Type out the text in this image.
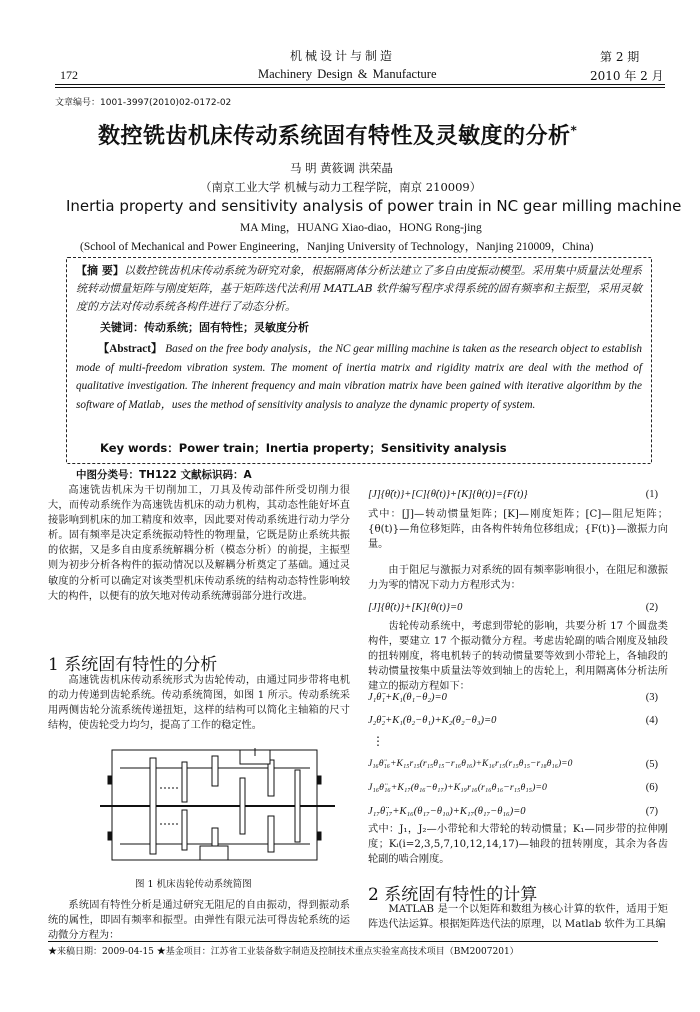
机械设计与制造
172	Machinery Design & Manufacture
第 2 期
2010 年 2 月
文章编号：1001-3997(2010)02-0172-02
数控铣齿机床传动系统固有特性及灵敏度的分析*
马 明 黄筱调 洪荣晶
（南京工业大学 机械与动力工程学院，南京 210009）
Inertia property and sensitivity analysis of power train in NC gear milling machine
MA Ming，HUANG Xiao-diao，HONG Rong-jing
(School of Mechanical and Power Engineering，Nanjing University of Technology，Nanjing 210009，China)
【摘 要】以数控铣齿机床传动系统为研究对象，根据隔离体分析法建立了多自由度振动模型。采用集中质量法处理系统转动惯量矩阵与刚度矩阵，基于矩阵迭代法利用 MATLAB 软件编写程序求得系统的固有频率和主振型，采用灵敏度的方法对传动系统各构件进行了动态分析。
关键词：传动系统；固有特性；灵敏度分析
【Abstract】 Based on the free body analysis，the NC gear milling machine is taken as the research object to establish mode of multi-freedom vibration system. The moment of inertia matrix and rigidity matrix are deal with the method of qualitative investigation. The inherent frequency and main vibration matrix have been gained with iterative algorithm by the software of Matlab，uses the method of sensitivity analysis to analyze the dynamic property of system.
Key words：Power train；Inertia property；Sensitivity analysis
中图分类号：TH122 文献标识码：A

高速铣齿机床为干切削加工，刀具及传动部件所受切削力很大，而传动系统作为高速铣齿机床的动力机构，其动态性能好坏直接影响到机床的加工精度和效率，因此要对传动系统进行动力学分析。固有频率是决定系统振动特性的物理量，它既是防止系统共振的依据，又是多自由度系统解耦分析（模态分析）的前提，主振型则为初步分析各构件的振动情况以及解耦分析奠定了基础。通过灵敏度的分析可以确定对该类型机床传动系统的结构动态特性影响较大的构件，以便有的放矢地对传动系统薄弱部分进行改进。

1 系统固有特性的分析

高速铣齿机床传动系统形式为齿轮传动，由通过同步带将电机的动力传递到齿轮系统。传动系统简图，如图 1 所示。传动系统采用两侧齿轮分流系统传递扭矩，这样的结构可以简化主轴箱的尺寸结构，使齿轮受力均匀，提高了工作的稳定性。

图 1 机床齿轮传动系统简图

系统固有特性分析是通过研究无阻尼的自由振动，得到振动系统的属性，即固有频率和振型。由弹性有限元法可得齿轮系统的运动微分方程为：

★来稿日期：2009-04-15 ★基金项目：江苏省工业装备数字制造及控制技术重点实验室高技术项目（BM2007201）
[J]{θ̈(t)}+[C]{θ̇(t)}+[K]{θ(t)}={F(t)}	(1)
式中：[J]—转动惯量矩阵；[K]—刚度矩阵；[C]—阻尼矩阵；{θ(t)}—角位移矩阵，由各构件转角位移组成；{F(t)}—激振力向量。

由于阻尼与激振力对系统的固有频率影响很小，在阻尼和激振力为零的情况下动力方程形式为：

[J]{θ̈(t)}+[K]{θ(t)}=0	(2)

齿轮传动系统中，考虑到带轮的影响，共要分析 17 个圆盘类构件，要建立 17 个振动微分方程。考虑齿轮副的啮合刚度及轴段的扭转刚度，将电机转子的转动惯量要等效到小带轮上，各轴段的转动惯量按集中质量法等效到轴上的齿轮上，利用隔离体分析法所建立的振动方程如下：

J₁θ̈₁+K₁(θ₁−θ₂)=0	(3)
J₂θ̈₂+K₁(θ₂−θ₁)+K₂(θ₂−θ₃)=0	(4)
⋮
J₁₆θ̈₁₆+K₁₅r₁₅(r₁₅θ₁₅−r₁₆θ₁₆)+K₁₆r₁₅(r₁₅θ₁₅−r₁₈θ₁₆)=0	(5)
J₁₆θ̈₁₆+K₁₇(θ₁₆−θ₁₇)+K₁₉r₁₆(r₁₆θ₁₆−r₁₅θ₁₅)=0	(6)
J₁₇θ̈₁₇+K₁₆(θ₁₇−θ₁₀)+K₁₇(θ₁₇−θ₁₆)=0	(7)
式中：J₁，J₂—小带轮和大带轮的转动惯量；K₁—同步带的拉伸刚度；Kᵢ(i=2,3,5,7,10,12,14,17)—轴段的扭转刚度，其余为各齿轮副的啮合刚度。
2 系统固有特性的计算

MATLAB 是一个以矩阵和数组为核心计算的软件，适用于矩阵迭代法运算。根据矩阵迭代法的原理，以 Matlab 软件为工具编
